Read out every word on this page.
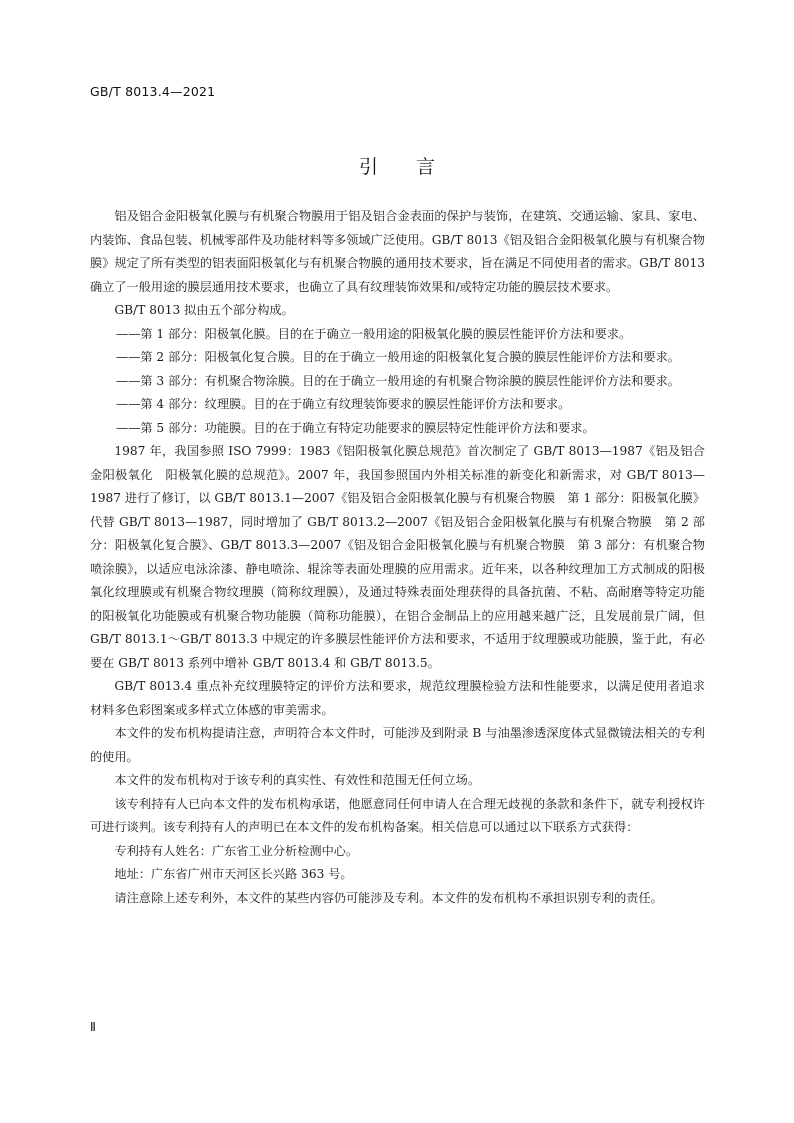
GB/T 8013.4—2021
引言

铝及铝合金阳极氧化膜与有机聚合物膜用于铝及铝合金表面的保护与装饰，在建筑、交通运输、家具、家电、内装饰、食品包装、机械零部件及功能材料等多领域广泛使用。GB/T 8013《铝及铝合金阳极氧化膜与有机聚合物膜》规定了所有类型的铝表面阳极氧化与有机聚合物膜的通用技术要求，旨在满足不同使用者的需求。GB/T 8013 确立了一般用途的膜层通用技术要求，也确立了具有纹理装饰效果和/或特定功能的膜层技术要求。

GB/T 8013 拟由五个部分构成。

——第 1 部分：阳极氧化膜。目的在于确立一般用途的阳极氧化膜的膜层性能评价方法和要求。

——第 2 部分：阳极氧化复合膜。目的在于确立一般用途的阳极氧化复合膜的膜层性能评价方法和要求。

——第 3 部分：有机聚合物涂膜。目的在于确立一般用途的有机聚合物涂膜的膜层性能评价方法和要求。

——第 4 部分：纹理膜。目的在于确立有纹理装饰要求的膜层性能评价方法和要求。

——第 5 部分：功能膜。目的在于确立有特定功能要求的膜层特定性能评价方法和要求。

1987 年，我国参照 ISO 7999：1983《铝阳极氧化膜总规范》首次制定了 GB/T 8013—1987《铝及铝合金阳极氧化　阳极氧化膜的总规范》。2007 年，我国参照国内外相关标准的新变化和新需求，对 GB/T 8013—1987 进行了修订，以 GB/T 8013.1—2007《铝及铝合金阳极氧化膜与有机聚合物膜　第 1 部分：阳极氧化膜》代替 GB/T 8013—1987，同时增加了 GB/T 8013.2—2007《铝及铝合金阳极氧化膜与有机聚合物膜　第 2 部分：阳极氧化复合膜》、GB/T 8013.3—2007《铝及铝合金阳极氧化膜与有机聚合物膜　第 3 部分：有机聚合物喷涂膜》，以适应电泳涂漆、静电喷涂、辊涂等表面处理膜的应用需求。近年来，以各种纹理加工方式制成的阳极氧化纹理膜或有机聚合物纹理膜（简称纹理膜），及通过特殊表面处理获得的具备抗菌、不粘、高耐磨等特定功能的阳极氧化功能膜或有机聚合物功能膜（简称功能膜），在铝合金制品上的应用越来越广泛，且发展前景广阔，但 GB/T 8013.1～GB/T 8013.3 中规定的许多膜层性能评价方法和要求，不适用于纹理膜或功能膜，鉴于此，有必要在 GB/T 8013 系列中增补 GB/T 8013.4 和 GB/T 8013.5。

GB/T 8013.4 重点补充纹理膜特定的评价方法和要求，规范纹理膜检验方法和性能要求，以满足使用者追求材料多色彩图案或多样式立体感的审美需求。

本文件的发布机构提请注意，声明符合本文件时，可能涉及到附录 B 与油墨渗透深度体式显微镜法相关的专利的使用。

本文件的发布机构对于该专利的真实性、有效性和范围无任何立场。

该专利持有人已向本文件的发布机构承诺，他愿意同任何申请人在合理无歧视的条款和条件下，就专利授权许可进行谈判。该专利持有人的声明已在本文件的发布机构备案。相关信息可以通过以下联系方式获得：

专利持有人姓名：广东省工业分析检测中心。

地址：广东省广州市天河区长兴路 363 号。

请注意除上述专利外，本文件的某些内容仍可能涉及专利。本文件的发布机构不承担识别专利的责任。

Ⅱ
